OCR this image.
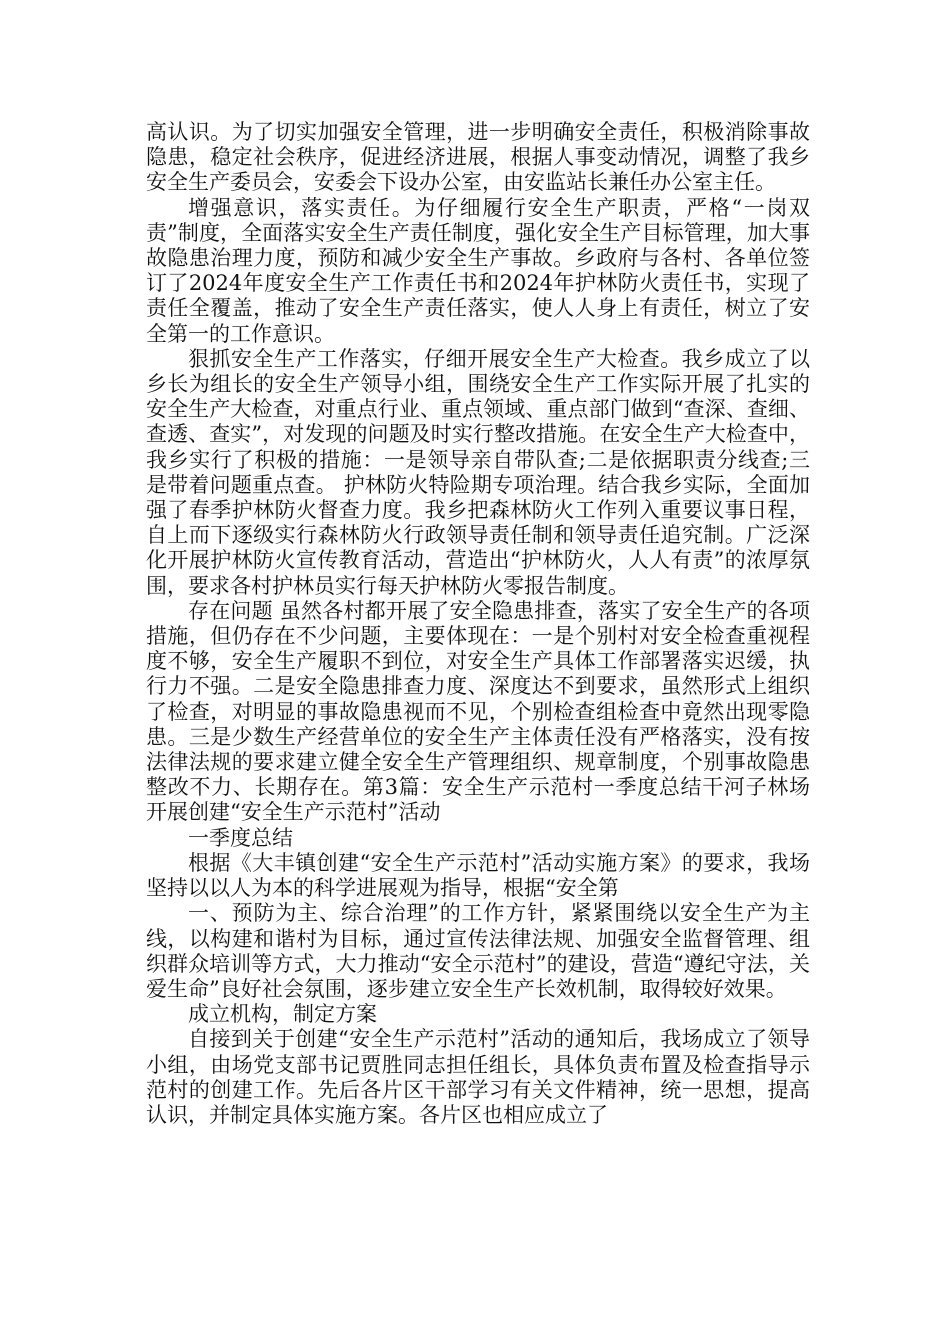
高认识。为了切实加强安全管理，进一步明确安全责任，积极消除事故隐患，稳定社会秩序，促进经济进展，根据人事变动情况，调整了我乡安全生产委员会，安委会下设办公室，由安监站长兼任办公室主任。

增强意识，落实责任。为仔细履行安全生产职责，严格“一岗双责”制度，全面落实安全生产责任制度，强化安全生产目标管理，加大事故隐患治理力度，预防和减少安全生产事故。乡政府与各村、各单位签订了2024年度安全生产工作责任书和2024年护林防火责任书，实现了责任全覆盖，推动了安全生产责任落实，使人人身上有责任，树立了安全第一的工作意识。

狠抓安全生产工作落实，仔细开展安全生产大检查。我乡成立了以乡长为组长的安全生产领导小组，围绕安全生产工作实际开展了扎实的安全生产大检查，对重点行业、重点领域、重点部门做到“查深、查细、查透、查实”，对发现的问题及时实行整改措施。在安全生产大检查中，我乡实行了积极的措施：一是领导亲自带队查;二是依据职责分线查;三是带着问题重点查。 护林防火特险期专项治理。结合我乡实际，全面加强了春季护林防火督查力度。我乡把森林防火工作列入重要议事日程，自上而下逐级实行森林防火行政领导责任制和领导责任追究制。广泛深化开展护林防火宣传教育活动，营造出“护林防火，人人有责”的浓厚氛围，要求各村护林员实行每天护林防火零报告制度。

存在问题 虽然各村都开展了安全隐患排查，落实了安全生产的各项措施，但仍存在不少问题，主要体现在：一是个别村对安全检查重视程度不够，安全生产履职不到位，对安全生产具体工作部署落实迟缓，执行力不强。二是安全隐患排查力度、深度达不到要求，虽然形式上组织了检查，对明显的事故隐患视而不见，个别检查组检查中竟然出现零隐患。三是少数生产经营单位的安全生产主体责任没有严格落实，没有按法律法规的要求建立健全安全生产管理组织、规章制度，个别事故隐患整改不力、长期存在。第3篇：安全生产示范村一季度总结干河子林场开展创建“安全生产示范村”活动

一季度总结

根据《大丰镇创建“安全生产示范村”活动实施方案》的要求，我场坚持以以人为本的科学进展观为指导，根据“安全第

一、预防为主、综合治理”的工作方针，紧紧围绕以安全生产为主线，以构建和谐村为目标，通过宣传法律法规、加强安全监督管理、组织群众培训等方式，大力推动“安全示范村”的建设，营造“遵纪守法，关爱生命”良好社会氛围，逐步建立安全生产长效机制，取得较好效果。

成立机构，制定方案

自接到关于创建“安全生产示范村”活动的通知后，我场成立了领导小组，由场党支部书记贾胜同志担任组长，具体负责布置及检查指导示范村的创建工作。先后各片区干部学习有关文件精神，统一思想，提高认识，并制定具体实施方案。各片区也相应成立了
